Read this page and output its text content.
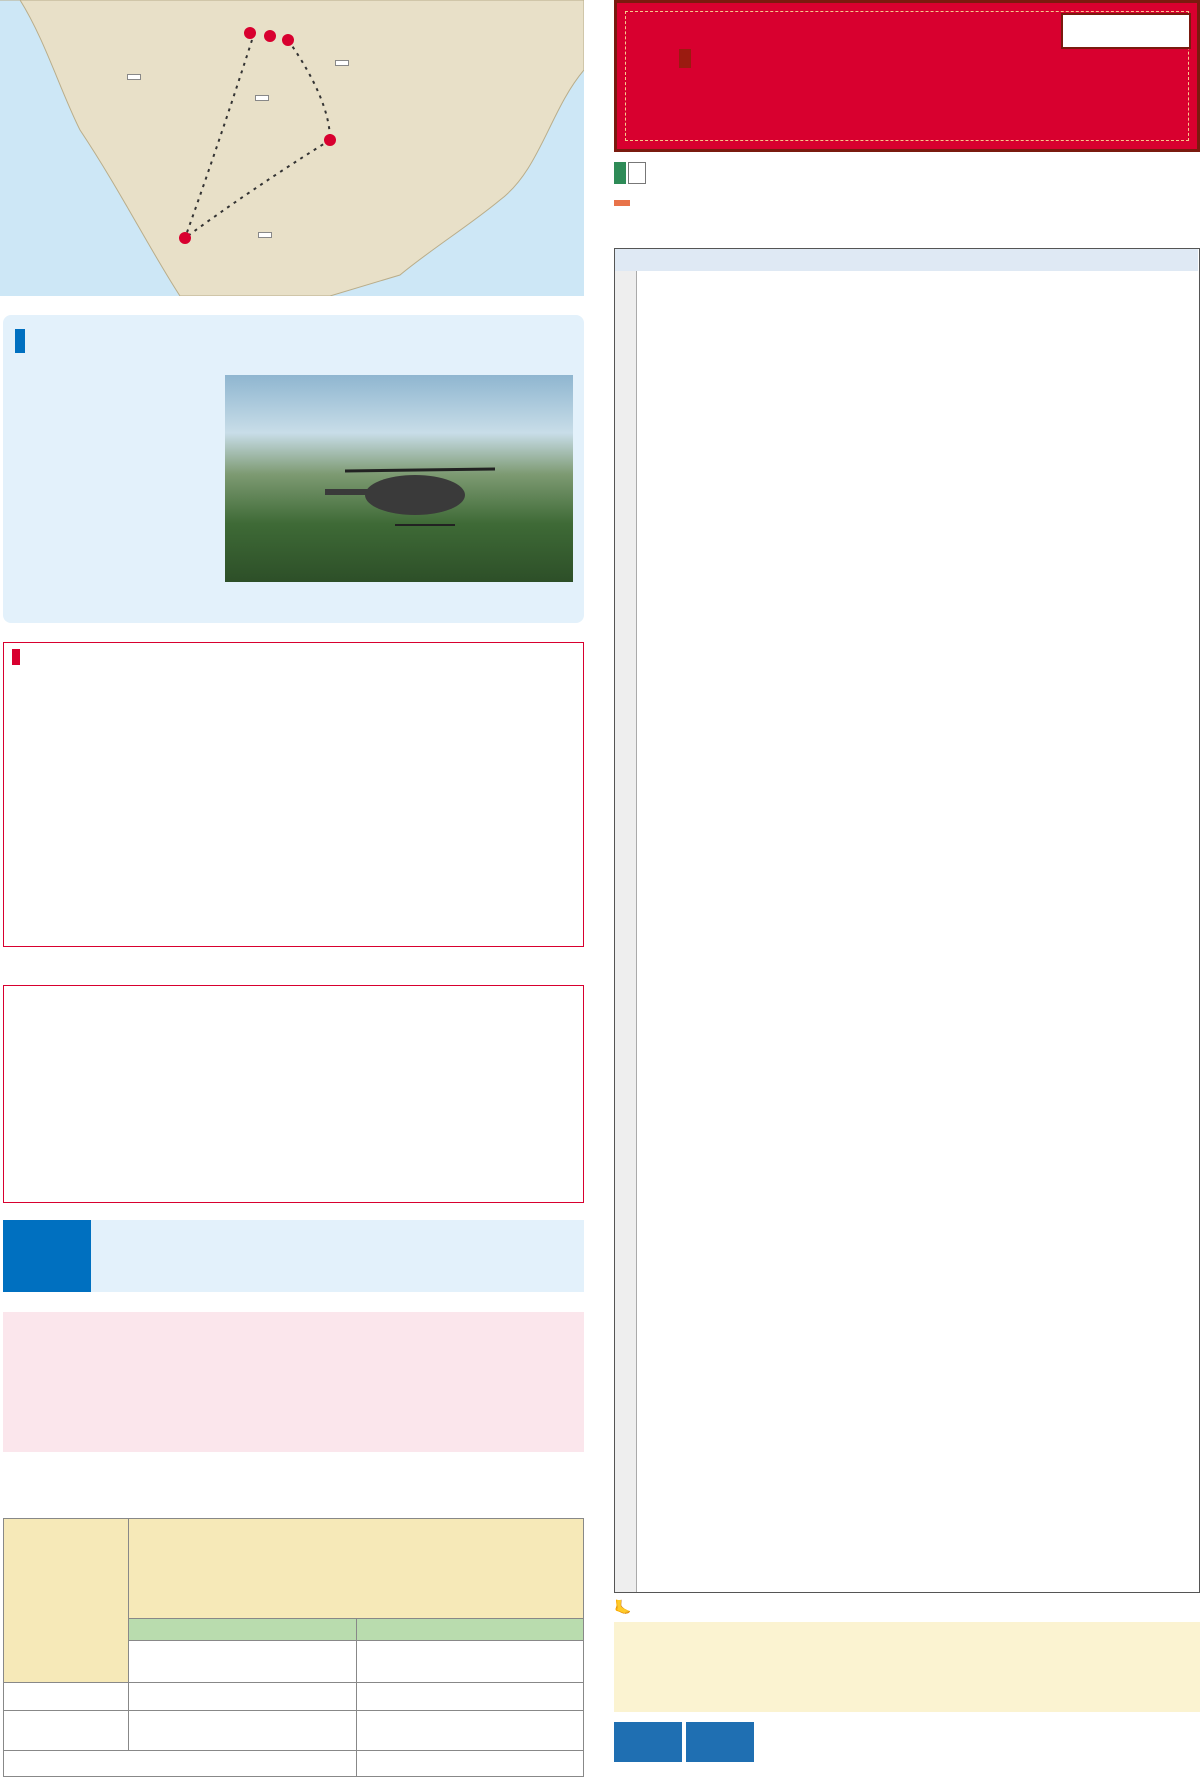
🦶
